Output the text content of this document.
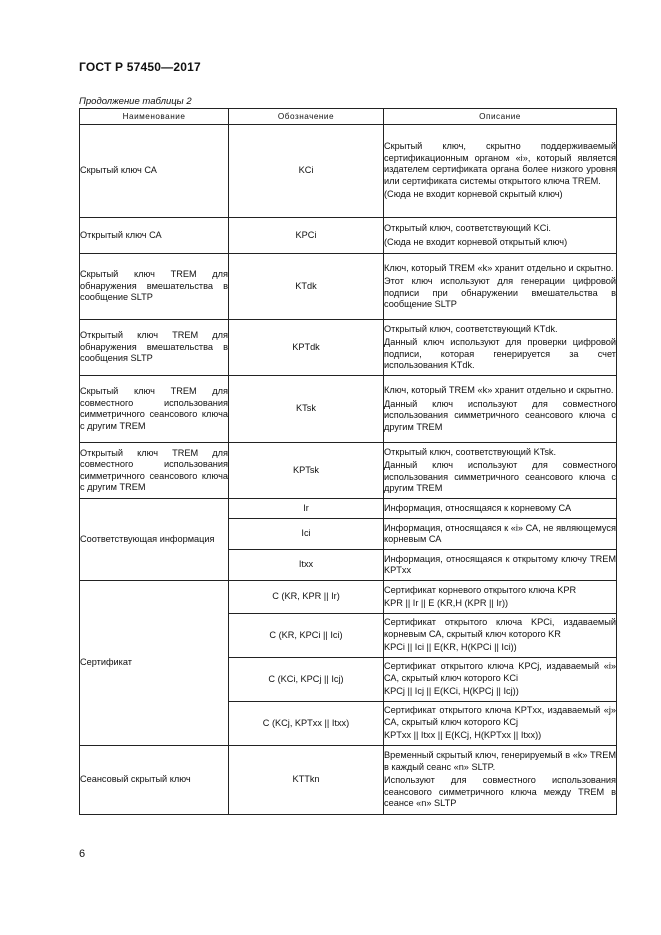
ГОСТ Р 57450—2017
Продолжение таблицы 2
Наименование	Обозначение	Описание
Скрытый ключ СА	KCi	Скрытый ключ, скрытно поддерживаемый сертификационным органом «i», который является издателем сертификата органа более низкого уровня или сертификата системы открытого ключа TREM.

(Сюда не входит корневой скрытый ключ)

Открытый ключ СА	KPCi	Открытый ключ, соответствующий KCi.

(Сюда не входит корневой открытый ключ)

Скрытый ключ TREM для обнаружения вмешательства в сообщение SLTP	KTdk	Ключ, который TREM «k» хранит отдельно и скрытно.

Этот ключ используют для генерации цифровой подписи при обнаружении вмешательства в сообщение SLTP

Открытый ключ TREM для обнаружения вмешательства в сообщения SLTP	KPTdk	Открытый ключ, соответствующий KTdk.

Данный ключ используют для проверки цифровой подписи, которая генерируется за счет использования KTdk.

Скрытый ключ TREM для совместного использования симметричного сеансового ключа с другим TREM	KTsk	Ключ, который TREM «k» хранит отдельно и скрытно.

Данный ключ используют для совместного использования симметричного сеансового ключа с другим TREM

Открытый ключ TREM для совместного использования симметричного сеансового ключа с другим TREM	KPTsk	Открытый ключ, соответствующий KTsk.

Данный ключ используют для совместного использования симметричного сеансового ключа с другим TREM

Соответствующая информация	Ir	Информация, относящаяся к корневому СА

	Ici	Информация, относящаяся к «i» СА, не являющемуся корневым СА

	Itxx	Информация, относящаяся к открытому ключу TREM KPTxx

Сертификат	C (KR, KPR || Ir)	Сертификат корневого открытого ключа KPR

KPR || Ir || E (KR,H (KPR || Ir))

	C (KR, KPCi || Ici)	Сертификат открытого ключа KPCi, издаваемый корневым СА, скрытый ключ которого KR

KPCi || Ici || E(KR, H(KPCi || Ici))

	C (KCi, KPCj || Icj)	Сертификат открытого ключа KPCj, издаваемый «i» СА, скрытый ключ которого KCi

KPCj || Icj || E(KCi, H(KPCj || Icj))

	C (KCj, KPTxx || Itxx)	Сертификат открытого ключа KPTxx, издаваемый «j» СА, скрытый ключ которого KCj

KPTxx || Itxx || E(KCj, H(KPTxx || Itxx))

Сеансовый скрытый ключ	KTTkn	Временный скрытый ключ, генерируемый в «k» TREM в каждый сеанс «n» SLTP.

Используют для совместного использования сеансового симметричного ключа между TREM в сеансе «n» SLTP

6
